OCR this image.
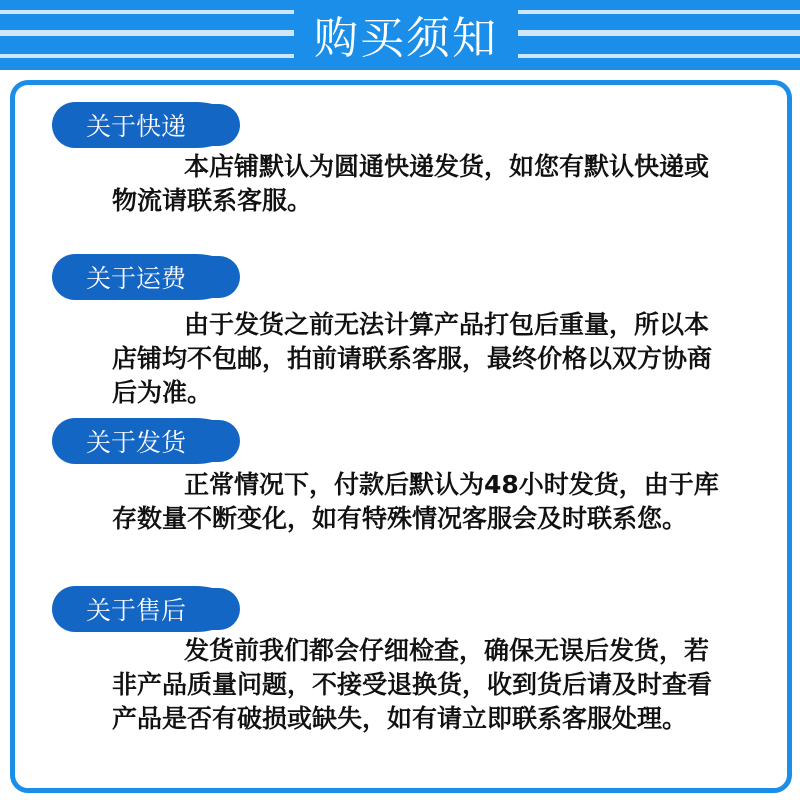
购买须知
关于快递
本店铺默认为圆通快递发货，如您有默认快递或物流请联系客服。
关于运费
由于发货之前无法计算产品打包后重量，所以本店铺均不包邮，拍前请联系客服，最终价格以双方协商后为准。
关于发货
正常情况下，付款后默认为48小时发货，由于库存数量不断变化，如有特殊情况客服会及时联系您。
关于售后
发货前我们都会仔细检查，确保无误后发货，若非产品质量问题，不接受退换货，收到货后请及时查看产品是否有破损或缺失，如有请立即联系客服处理。
